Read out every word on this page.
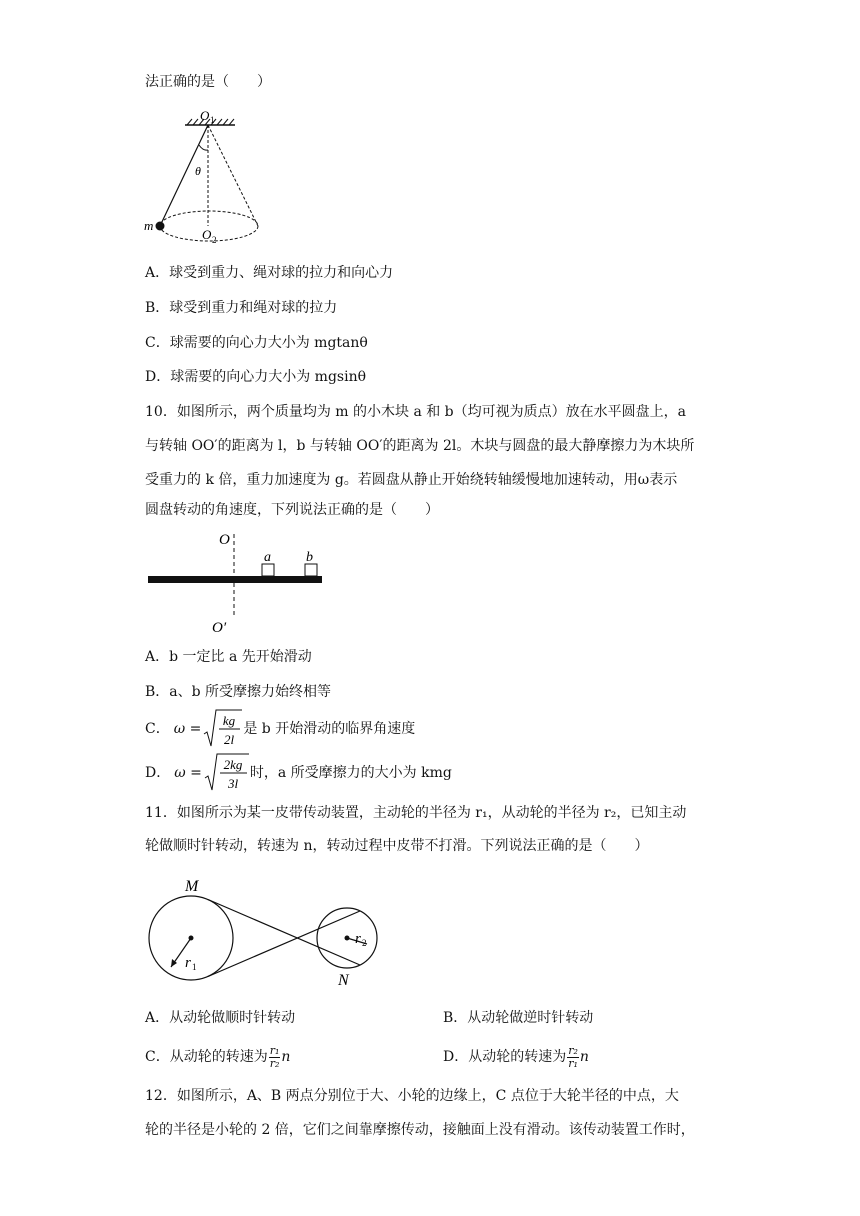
法正确的是（　　）
O 1
θ
m
O 2
A．球受到重力、绳对球的拉力和向心力
B．球受到重力和绳对球的拉力
C．球需要的向心力大小为 mgtanθ
D．球需要的向心力大小为 mgsinθ
10．如图所示，两个质量均为 m 的小木块 a 和 b（均可视为质点）放在水平圆盘上，a
与转轴 OO′的距离为 l，b 与转轴 OO′的距离为 2l。木块与圆盘的最大静摩擦力为木块所
受重力的 k 倍，重力加速度为 g。若圆盘从静止开始绕转轴缓慢地加速转动，用ω表示
圆盘转动的角速度，下列说法正确的是（　　）
O
O′
a	b
A．b 一定比 a 先开始滑动
B．a、b 所受摩擦力始终相等
C． ω =
kg
2l
是 b 开始滑动的临界角速度
D． ω =
2kg
3l
时，a 所受摩擦力的大小为 kmg
11．如图所示为某一皮带传动装置，主动轮的半径为 r₁，从动轮的半径为 r₂，已知主动
轮做顺时针转动，转速为 n，转动过程中皮带不打滑。下列说法正确的是（　　）
M
N
r 1
r 2
A．从动轮做顺时针转动	B．从动轮做逆时针转动
C． 从动轮的转速为 $\frac{\text{r₁}}{\text{r₂}}$ n	D． 从动轮的转速为 $\frac{\text{r₂}}{\text{r₁}}$ n
12．如图所示，A、B 两点分别位于大、小轮的边缘上，C 点位于大轮半径的中点，大
轮的半径是小轮的 2 倍，它们之间靠摩擦传动，接触面上没有滑动。该传动装置工作时，
